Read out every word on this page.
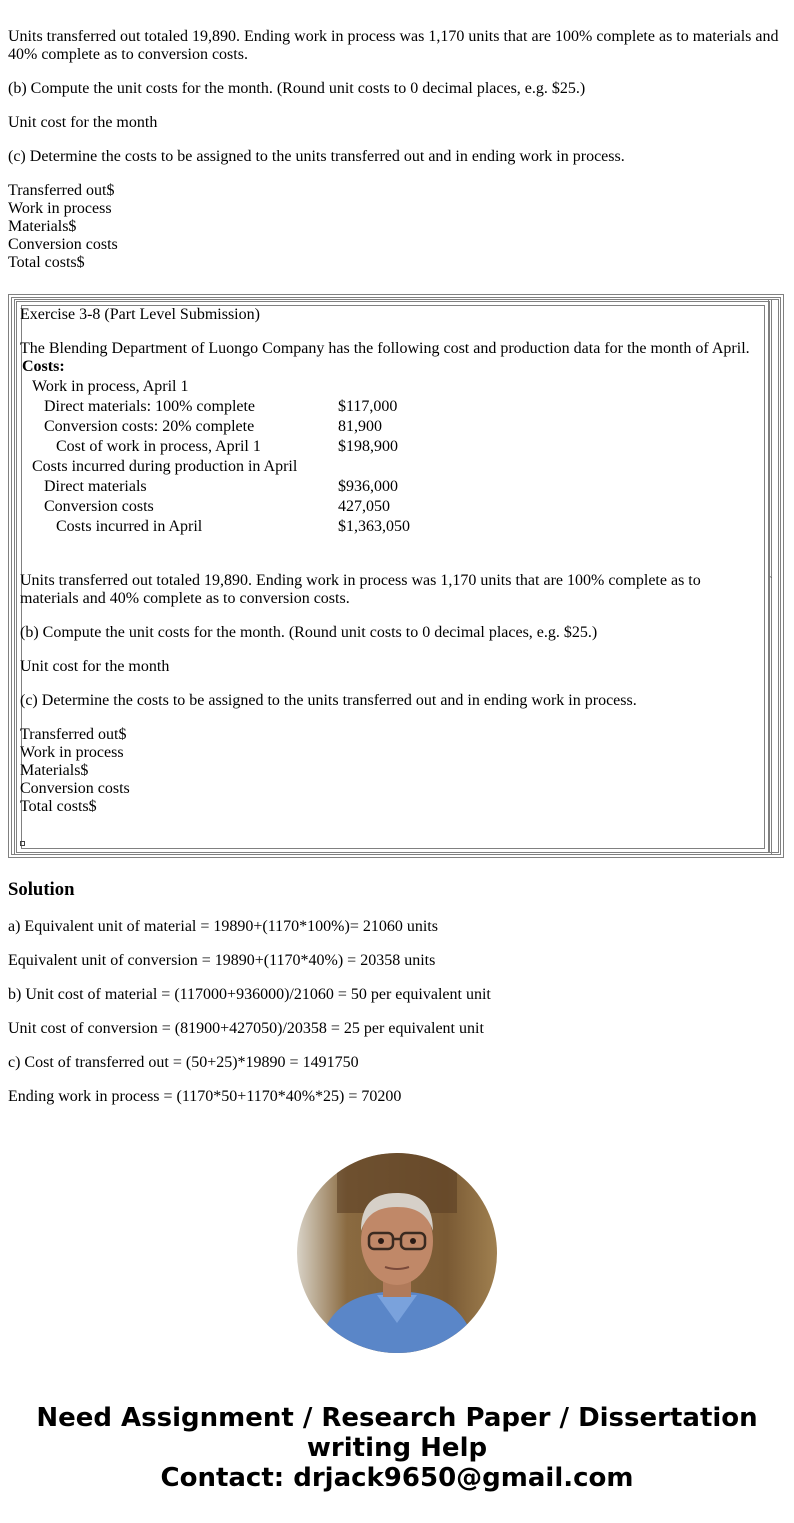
Units transferred out totaled 19,890. Ending work in process was 1,170 units that are 100% complete as to materials and 40% complete as to conversion costs.

(b) Compute the unit costs for the month. (Round unit costs to 0 decimal places, e.g. $25.)

Unit cost for the month

(c) Determine the costs to be assigned to the units transferred out and in ending work in process.

Transferred out$
Work in process
Materials$
Conversion costs
Total costs$
`

Exercise 3-8 (Part Level Submission)

The Blending Department of Luongo Company has the following cost and production data for the month of April.

Costs:	
Work in process, April 1	
Direct materials: 100% complete	$117,000
Conversion costs: 20% complete	81,900
Cost of work in process, April 1	$198,900
Costs incurred during production in April	
Direct materials	$936,000
Conversion costs	427,050
Costs incurred in April	$1,363,050

Units transferred out totaled 19,890. Ending work in process was 1,170 units that are 100% complete as to materials and 40% complete as to conversion costs.

(b) Compute the unit costs for the month. (Round unit costs to 0 decimal places, e.g. $25.)

Unit cost for the month

(c) Determine the costs to be assigned to the units transferred out and in ending work in process.

Transferred out$
Work in process
Materials$
Conversion costs
Total costs$
Solution

a) Equivalent unit of material = 19890+(1170*100%)= 21060 units

Equivalent unit of conversion = 19890+(1170*40%) = 20358 units

b) Unit cost of material = (117000+936000)/21060 = 50 per equivalent unit

Unit cost of conversion = (81900+427050)/20358 = 25 per equivalent unit

c) Cost of transferred out = (50+25)*19890 = 1491750

Ending work in process = (1170*50+1170*40%*25) = 70200

Need Assignment / Research Paper / Dissertation
writing Help
Contact: drjack9650@gmail.com
